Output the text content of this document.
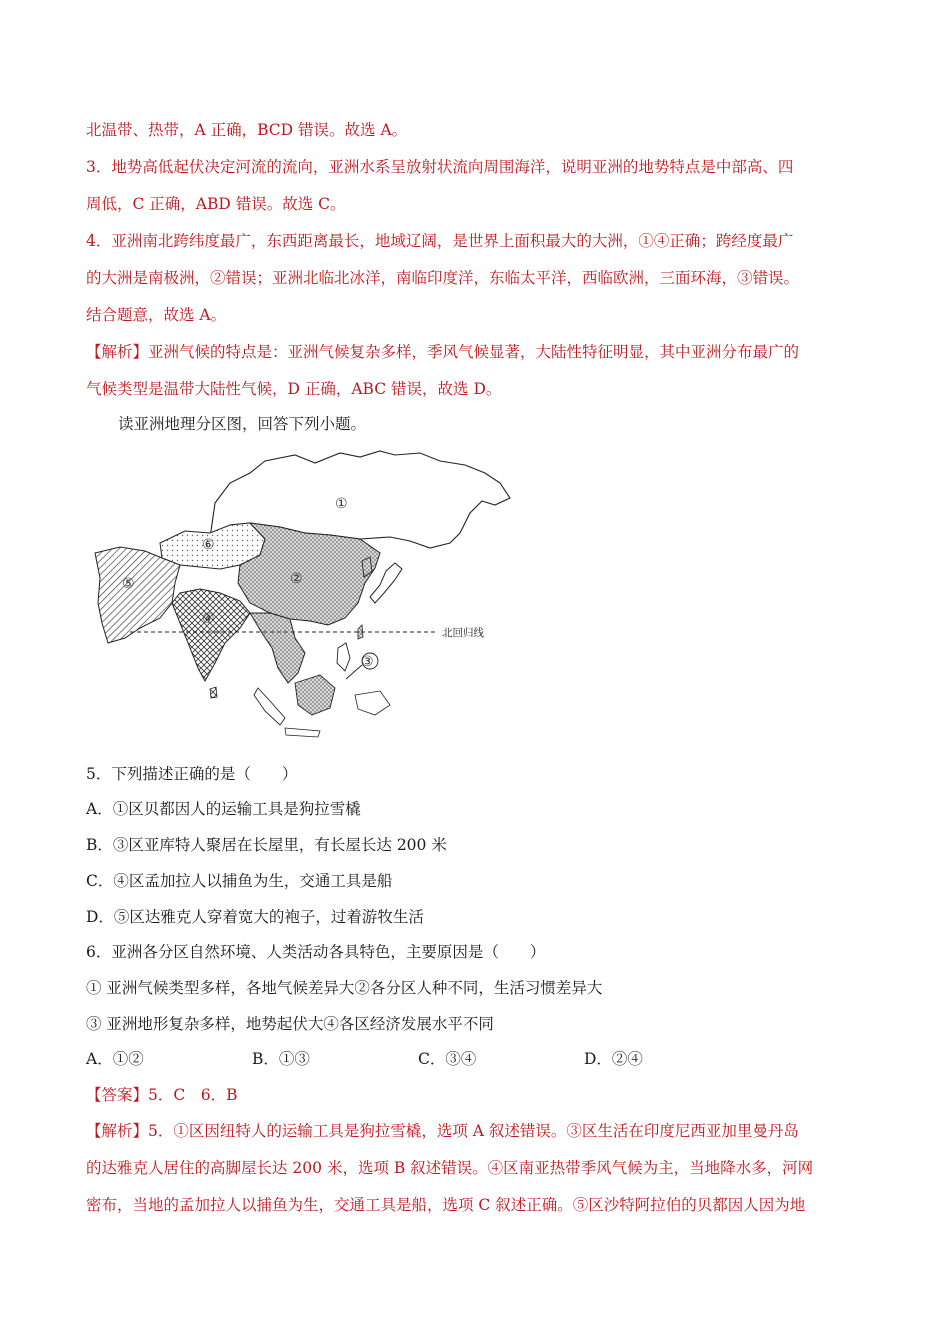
北温带、热带，A 正确，BCD 错误。故选 A。
3．地势高低起伏决定河流的流向，亚洲水系呈放射状流向周围海洋，说明亚洲的地势特点是中部高、四
周低，C 正确，ABD 错误。故选 C。
4．亚洲南北跨纬度最广，东西距离最长，地域辽阔，是世界上面积最大的大洲，①④正确；跨经度最广
的大洲是南极洲，②错误；亚洲北临北冰洋，南临印度洋，东临太平洋，西临欧洲，三面环海，③错误。
结合题意，故选 A。
【解析】亚洲气候的特点是：亚洲气候复杂多样，季风气候显著，大陆性特征明显，其中亚洲分布最广的
气候类型是温带大陆性气候，D 正确，ABC 错误，故选 D。
读亚洲地理分区图，回答下列小题。
①
⑥
②
⑤
④
③
北回归线
5．下列描述正确的是（　　）
A．①区贝都因人的运输工具是狗拉雪橇
B．③区亚库特人聚居在长屋里，有长屋长达 200 米
C．④区孟加拉人以捕鱼为生，交通工具是船
D．⑤区达雅克人穿着宽大的袍子，过着游牧生活
6．亚洲各分区自然环境、人类活动各具特色，主要原因是（　　）
① 亚洲气候类型多样，各地气候差异大②各分区人种不同，生活习惯差异大
③ 亚洲地形复杂多样，地势起伏大④各区经济发展水平不同
A．①②	B．①③	C．③④	D．②④
【答案】5．C　6．B
【解析】5．①区因纽特人的运输工具是狗拉雪橇，选项 A 叙述错误。③区生活在印度尼西亚加里曼丹岛
的达雅克人居住的高脚屋长达 200 米，选项 B 叙述错误。④区南亚热带季风气候为主，当地降水多，河网
密布，当地的孟加拉人以捕鱼为生，交通工具是船，选项 C 叙述正确。⑤区沙特阿拉伯的贝都因人因为地
